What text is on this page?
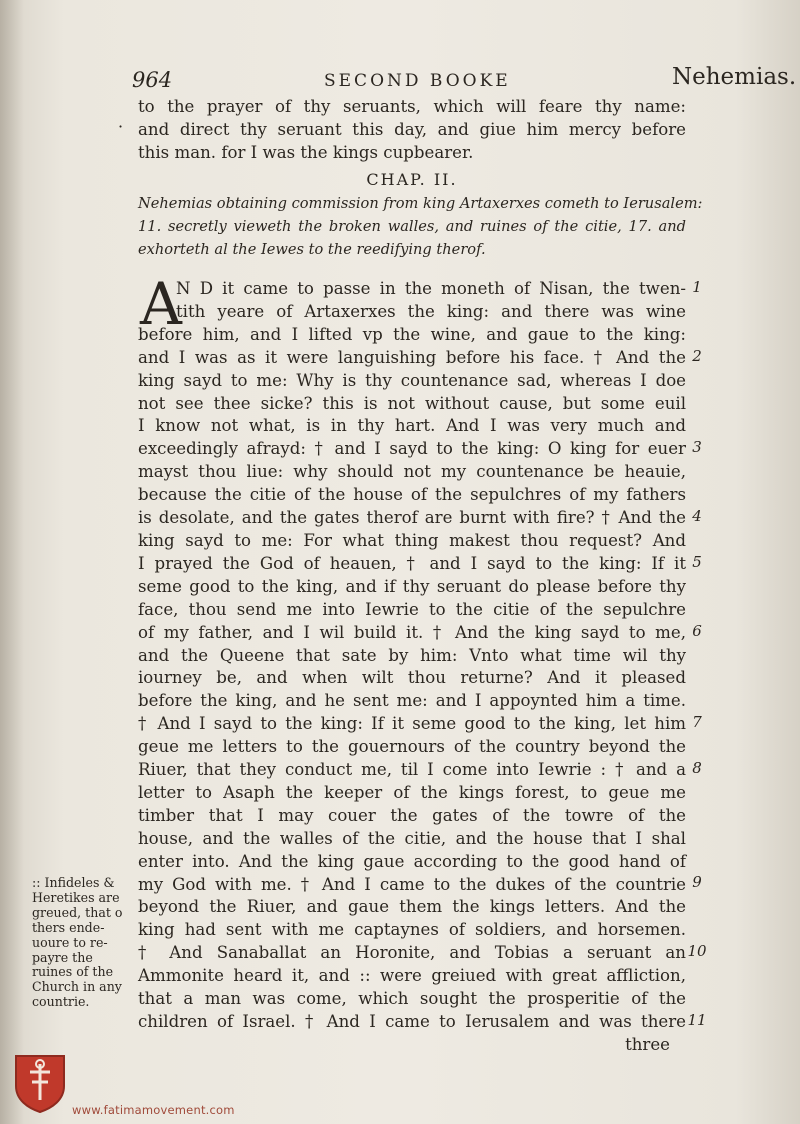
964	SECOND BOOKE	Nehemias.
·
to the prayer of thy seruants, which will feare thy name:
and direct thy seruant this day, and giue him mercy before
this man. for I was the kings cupbearer.
CHAP. II.
Nehemias obtaining commission from king Artaxerxes cometh to Ierusalem:
11. secretly vieweth the broken walles, and ruines of the citie, 17. and
exhorteth al the Iewes to the reedifying therof.
A
N D it came to passe in the moneth of Nisan, the twen-
tith yeare of Artaxerxes the king: and there was wine
before him, and I lifted vp the wine, and gaue to the king:
and I was as it were languishing before his face. † And the
king sayd to me: Why is thy countenance sad, whereas I doe
not see thee sicke? this is not without cause, but some euil
I know not what, is in thy hart. And I was very much and
exceedingly afrayd: † and I sayd to the king: O king for euer
mayst thou liue: why should not my countenance be heauie,
because the citie of the house of the sepulchres of my fathers
is desolate, and the gates therof are burnt with fire? † And the
king sayd to me: For what thing makest thou request? And
I prayed the God of heauen, † and I sayd to the king: If it
seme good to the king, and if thy seruant do please before thy
face, thou send me into Iewrie to the citie of the sepulchre
of my father, and I wil build it. † And the king sayd to me,
and the Queene that sate by him: Vnto what time wil thy
iourney be, and when wilt thou returne? And it pleased
before the king, and he sent me: and I appoynted him a time.
† And I sayd to the king: If it seme good to the king, let him
geue me letters to the gouernours of the country beyond the
Riuer, that they conduct me, til I come into Iewrie : † and a
letter to Asaph the keeper of the kings forest, to geue me
timber that I may couer the gates of the towre of the
house, and the walles of the citie, and the house that I shal
enter into. And the king gaue according to the good hand of
my God with me. † And I came to the dukes of the countrie
beyond the Riuer, and gaue them the kings letters. And the
king had sent with me captaynes of soldiers, and horsemen.
† And Sanaballat an Horonite, and Tobias a seruant an
Ammonite heard it, and :: were greiued with great affliction,
that a man was come, which sought the prosperitie of the
children of Israel. † And I came to Ierusalem and was there
three
1
2
3
4
5
6
7
8
9
10
11
:: Infideles &
Heretikes are
greued, that o
thers ende-
uoure to re-
payre the
ruines of the
Church in any
countrie.
www.fatimamovement.com
